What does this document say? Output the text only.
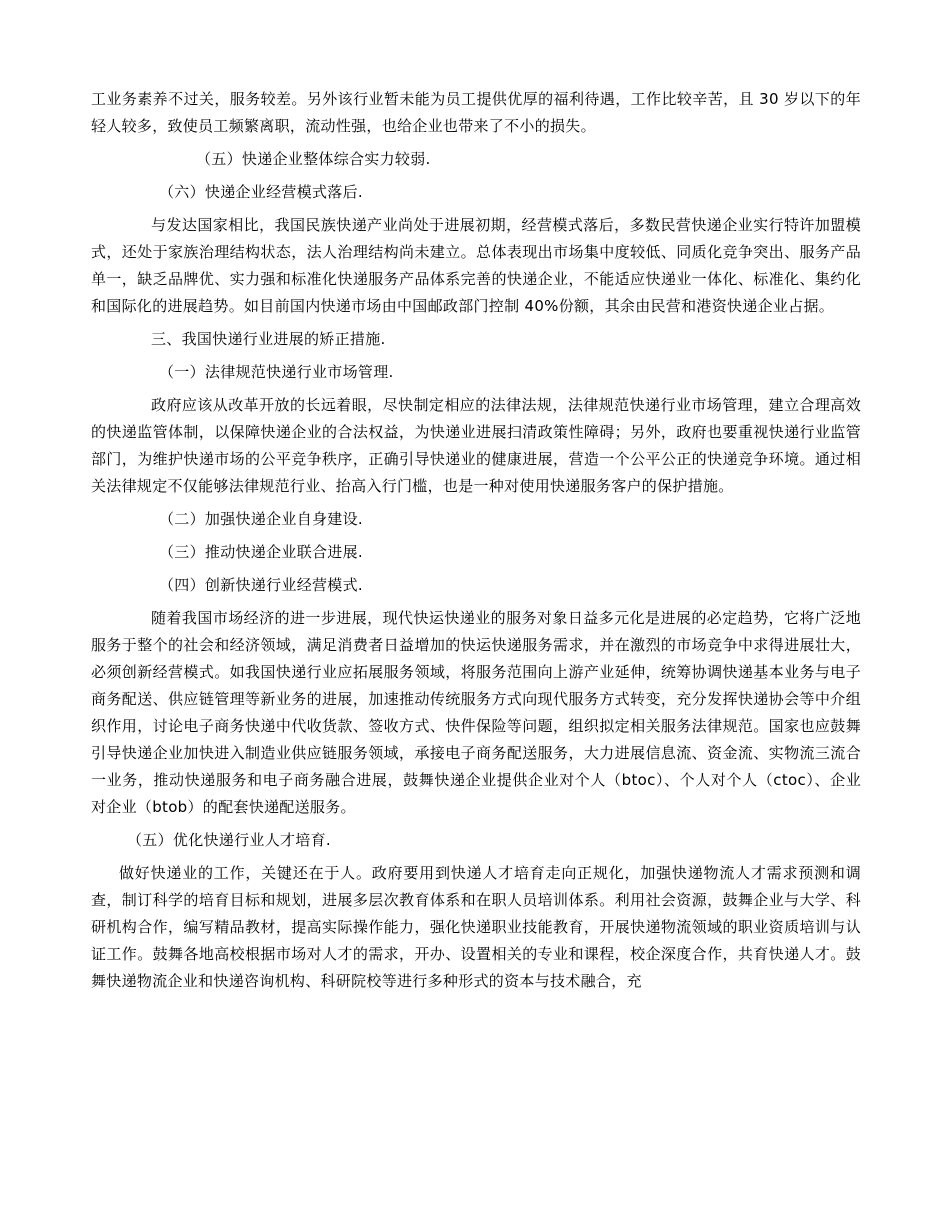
工业务素养不过关，服务较差。另外该行业暂未能为员工提供优厚的福利待遇，工作比较辛苦，且 30 岁以下的年轻人较多，致使员工频繁离职，流动性强，也给企业也带来了不小的损失。

（五）快递企业整体综合实力较弱.

（六）快递企业经营模式落后.

与发达国家相比，我国民族快递产业尚处于进展初期，经营模式落后，多数民营快递企业实行特许加盟模式，还处于家族治理结构状态，法人治理结构尚未建立。总体表现出市场集中度较低、同质化竞争突出、服务产品单一，缺乏品牌优、实力强和标准化快递服务产品体系完善的快递企业，不能适应快递业一体化、标准化、集约化和国际化的进展趋势。如目前国内快递市场由中国邮政部门控制 40%份额，其余由民营和港资快递企业占据。

三、我国快递行业进展的矫正措施.

（一）法律规范快递行业市场管理.

政府应该从改革开放的长远着眼，尽快制定相应的法律法规，法律规范快递行业市场管理，建立合理高效的快递监管体制，以保障快递企业的合法权益，为快递业进展扫清政策性障碍；另外，政府也要重视快递行业监管部门，为维护快递市场的公平竞争秩序，正确引导快递业的健康进展，营造一个公平公正的快递竞争环境。通过相关法律规定不仅能够法律规范行业、抬高入行门槛，也是一种对使用快递服务客户的保护措施。

（二）加强快递企业自身建设.

（三）推动快递企业联合进展.

（四）创新快递行业经营模式.

随着我国市场经济的进一步进展，现代快运快递业的服务对象日益多元化是进展的必定趋势，它将广泛地服务于整个的社会和经济领域，满足消费者日益增加的快运快递服务需求，并在激烈的市场竞争中求得进展壮大，必须创新经营模式。如我国快递行业应拓展服务领域，将服务范围向上游产业延伸，统筹协调快递基本业务与电子商务配送、供应链管理等新业务的进展，加速推动传统服务方式向现代服务方式转变，充分发挥快递协会等中介组织作用，讨论电子商务快递中代收货款、签收方式、快件保险等问题，组织拟定相关服务法律规范。国家也应鼓舞引导快递企业加快进入制造业供应链服务领域，承接电子商务配送服务，大力进展信息流、资金流、实物流三流合一业务，推动快递服务和电子商务融合进展，鼓舞快递企业提供企业对个人（btoc）、个人对个人（ctoc）、企业对企业（btob）的配套快递配送服务。

（五）优化快递行业人才培育.

做好快递业的工作，关键还在于人。政府要用到快递人才培育走向正规化，加强快递物流人才需求预测和调查，制订科学的培育目标和规划，进展多层次教育体系和在职人员培训体系。利用社会资源，鼓舞企业与大学、科研机构合作，编写精品教材，提高实际操作能力，强化快递职业技能教育，开展快递物流领域的职业资质培训与认证工作。鼓舞各地高校根据市场对人才的需求，开办、设置相关的专业和课程，校企深度合作，共育快递人才。鼓舞快递物流企业和快递咨询机构、科研院校等进行多种形式的资本与技术融合，充
